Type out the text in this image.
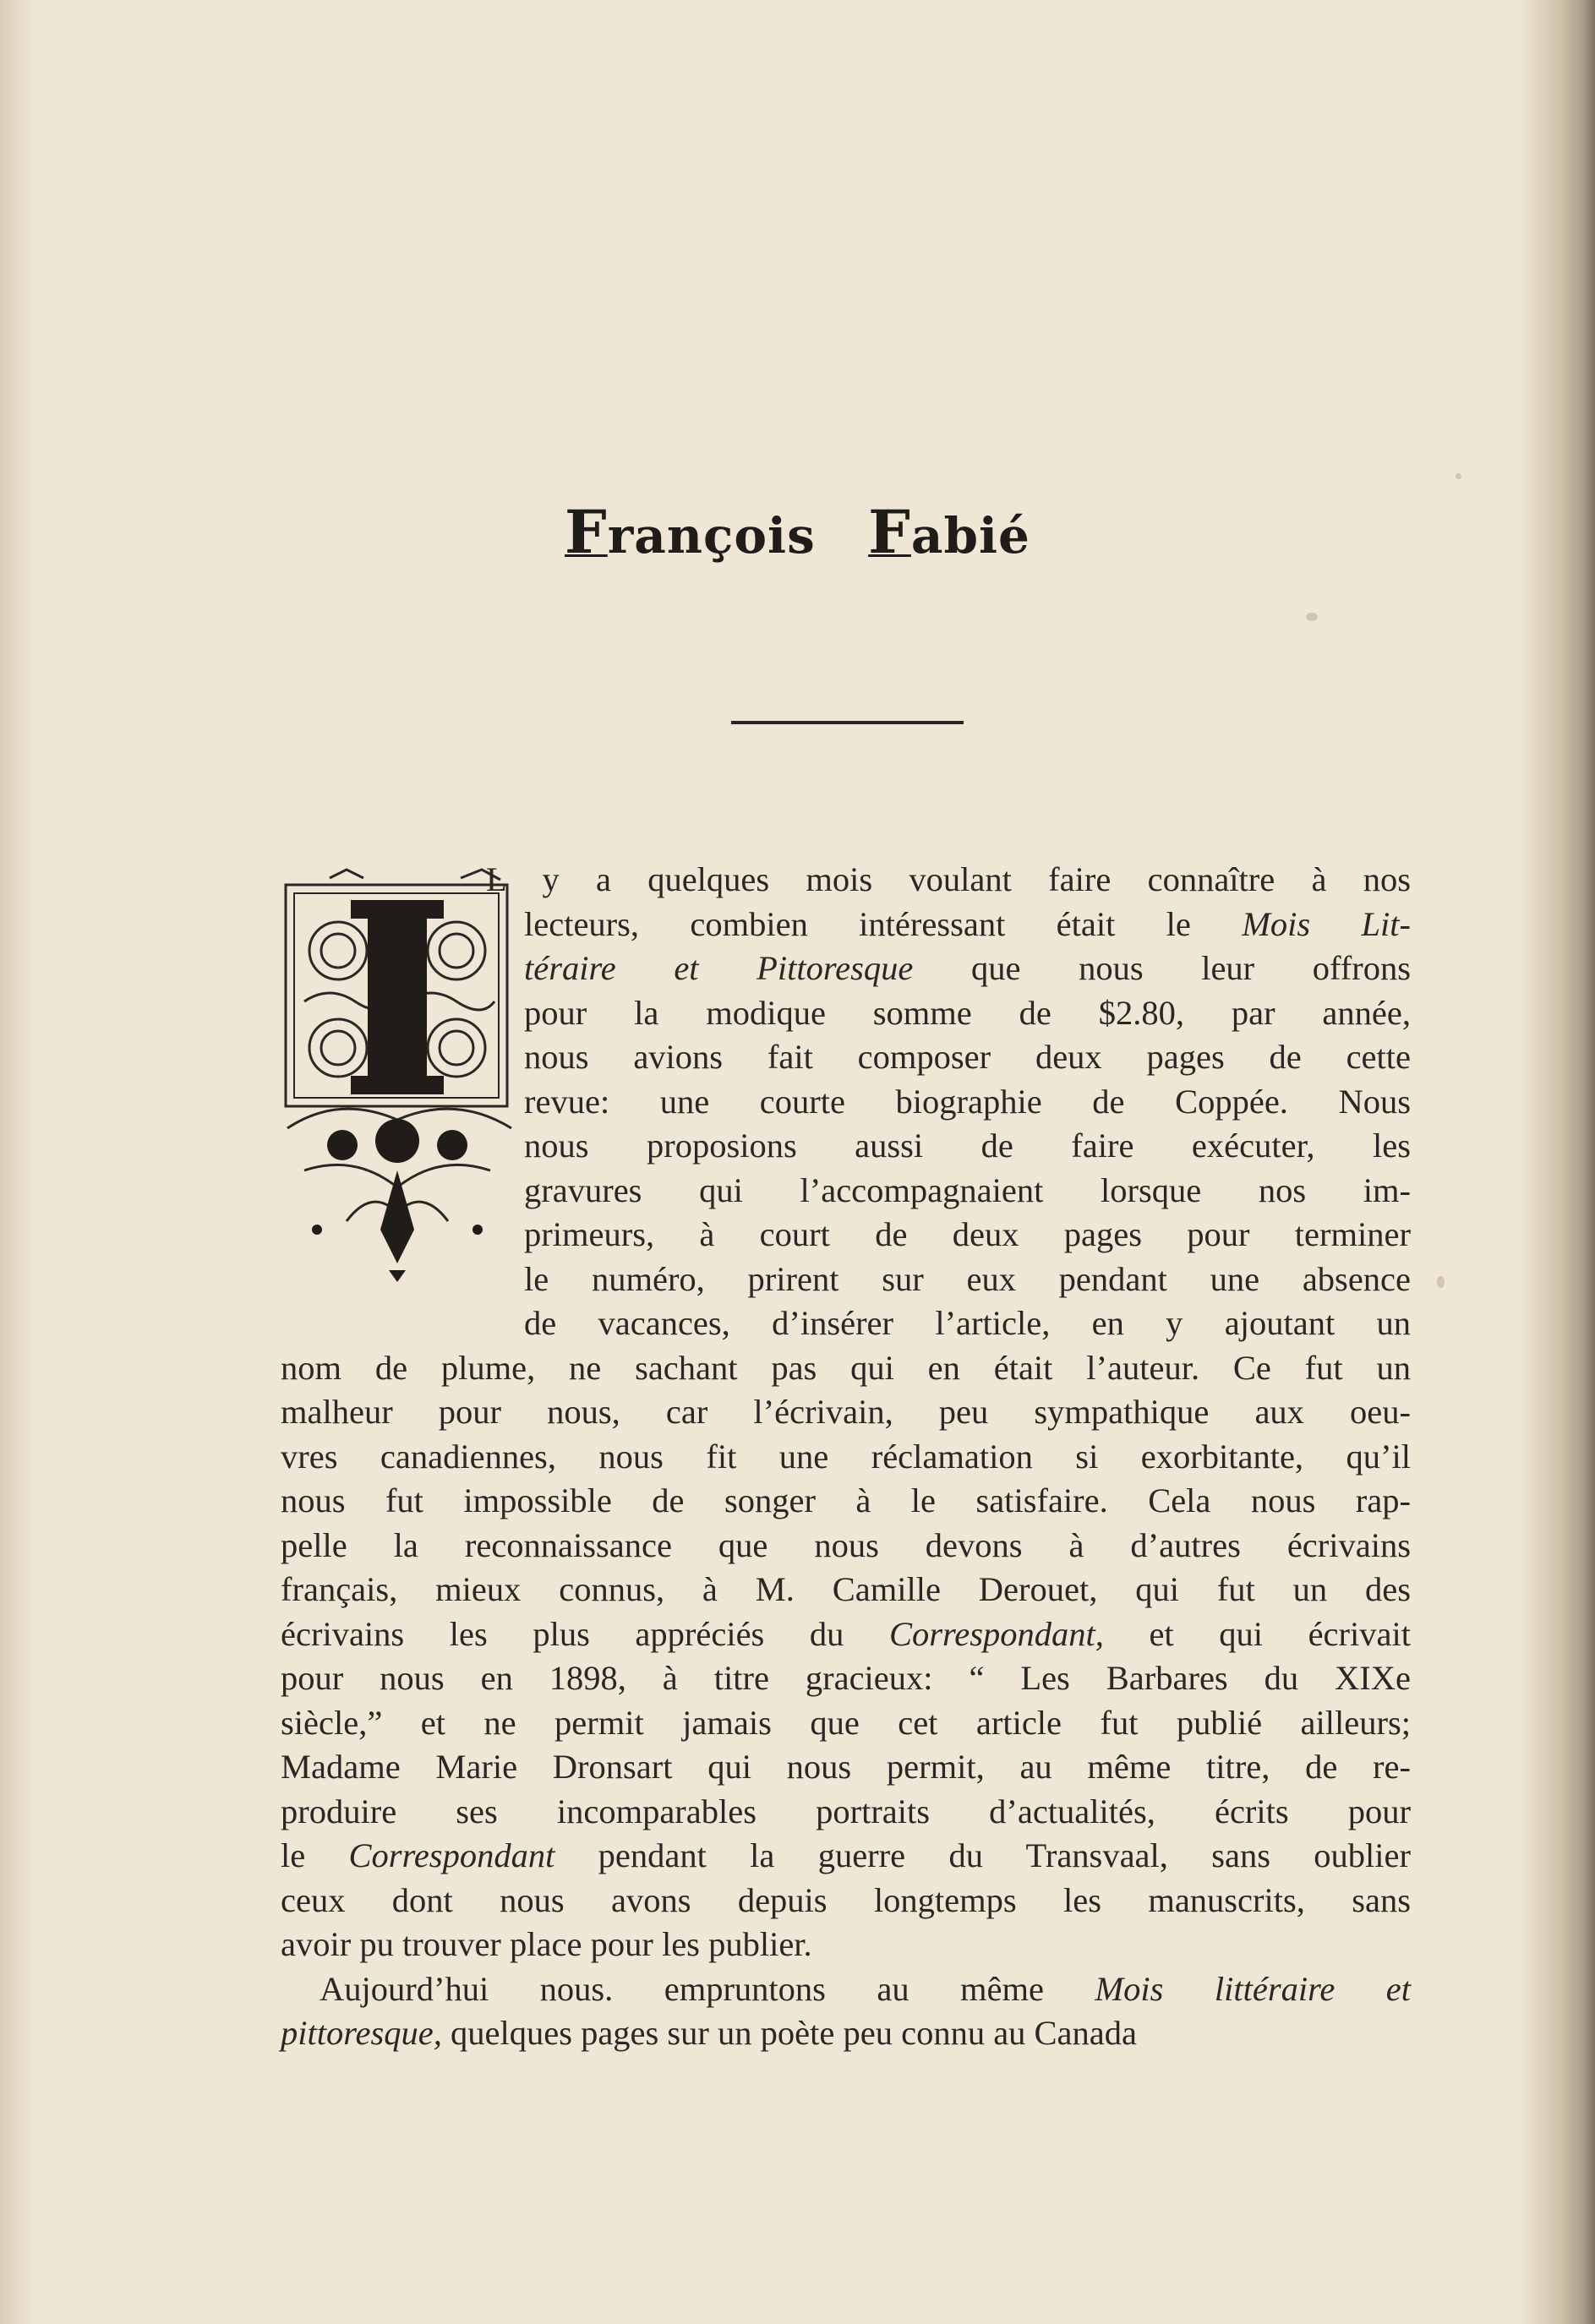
François Fabié
L y a quelques mois voulant faire connaître à nos
lecteurs, combien intéressant était le Mois Lit-
téraire et Pittoresque que nous leur offrons
pour la modique somme de $2.80, par année,
nous avions fait composer deux pages de cette
revue: une courte biographie de Coppée. Nous
nous proposions aussi de faire exécuter, les
gravures qui l’accompagnaient lorsque nos im-
primeurs, à court de deux pages pour terminer
le numéro, prirent sur eux pendant une absence
de vacances, d’insérer l’article, en y ajoutant un
nom de plume, ne sachant pas qui en était l’auteur. Ce fut un
malheur pour nous, car l’écrivain, peu sympathique aux oeu-
vres canadiennes, nous fit une réclamation si exorbitante, qu’il
nous fut impossible de songer à le satisfaire. Cela nous rap-
pelle la reconnaissance que nous devons à d’autres écrivains
français, mieux connus, à M. Camille Derouet, qui fut un des
écrivains les plus appréciés du Correspondant, et qui écrivait
pour nous en 1898, à titre gracieux: “ Les Barbares du XIXe
siècle,” et ne permit jamais que cet article fut publié ailleurs;
Madame Marie Dronsart qui nous permit, au même titre, de re-
produire ses incomparables portraits d’actualités, écrits pour
le Correspondant pendant la guerre du Transvaal, sans oublier
ceux dont nous avons depuis longtemps les manuscrits, sans
avoir pu trouver place pour les publier.
Aujourd’hui nous. empruntons au même Mois littéraire et
pittoresque, quelques pages sur un poète peu connu au Canada
